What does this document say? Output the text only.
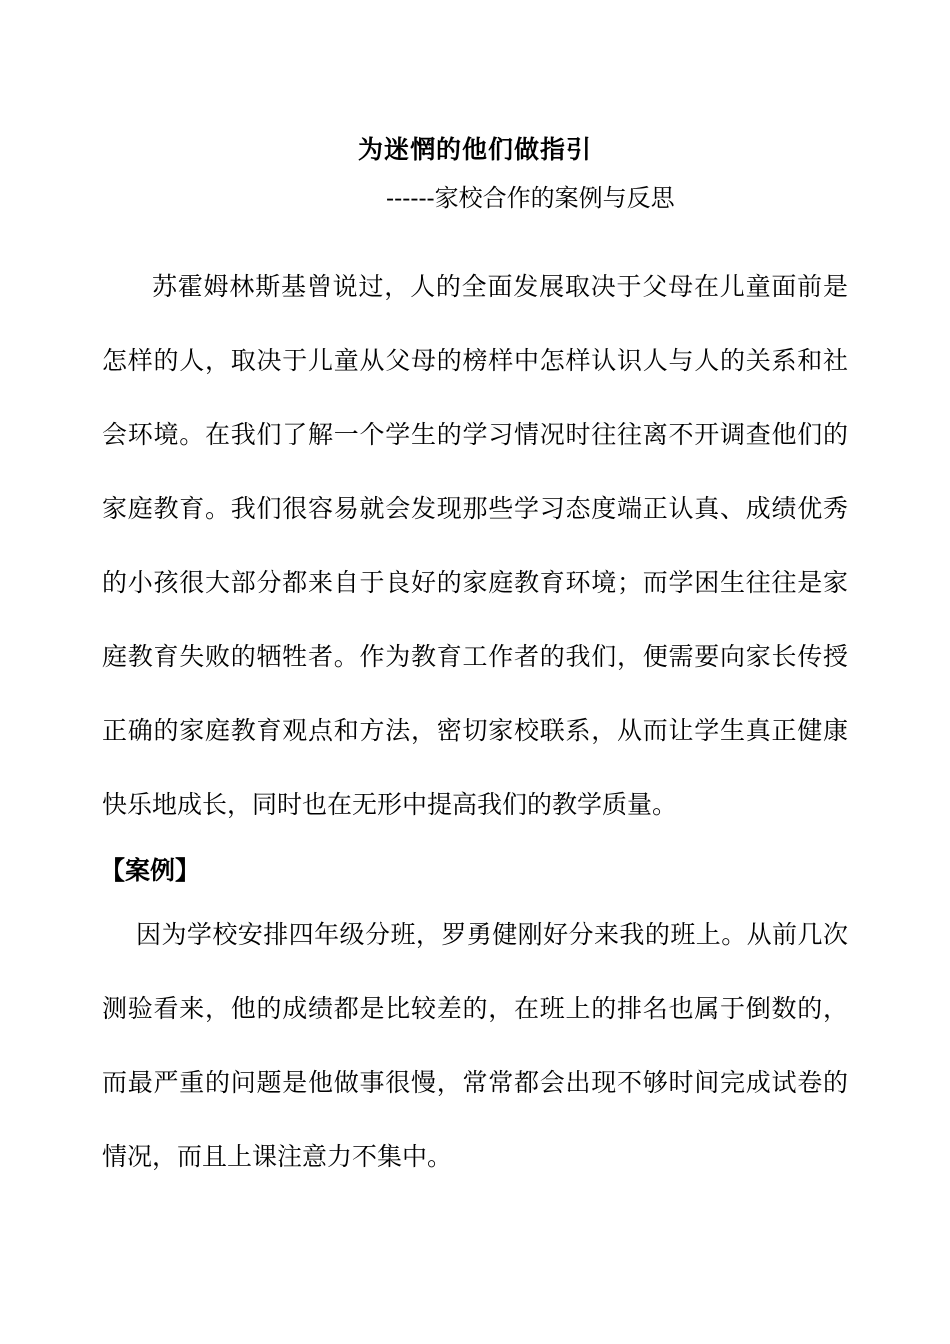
为迷惘的他们做指引
------家校合作的案例与反思

苏霍姆林斯基曾说过，人的全面发展取决于父母在儿童面前是怎样的人，取决于儿童从父母的榜样中怎样认识人与人的关系和社会环境。在我们了解一个学生的学习情况时往往离不开调查他们的家庭教育。我们很容易就会发现那些学习态度端正认真、成绩优秀的小孩很大部分都来自于良好的家庭教育环境；而学困生往往是家庭教育失败的牺牲者。作为教育工作者的我们，便需要向家长传授正确的家庭教育观点和方法，密切家校联系，从而让学生真正健康快乐地成长，同时也在无形中提高我们的教学质量。

【案例】

因为学校安排四年级分班，罗勇健刚好分来我的班上。从前几次测验看来，他的成绩都是比较差的，在班上的排名也属于倒数的，而最严重的问题是他做事很慢，常常都会出现不够时间完成试卷的情况，而且上课注意力不集中。
